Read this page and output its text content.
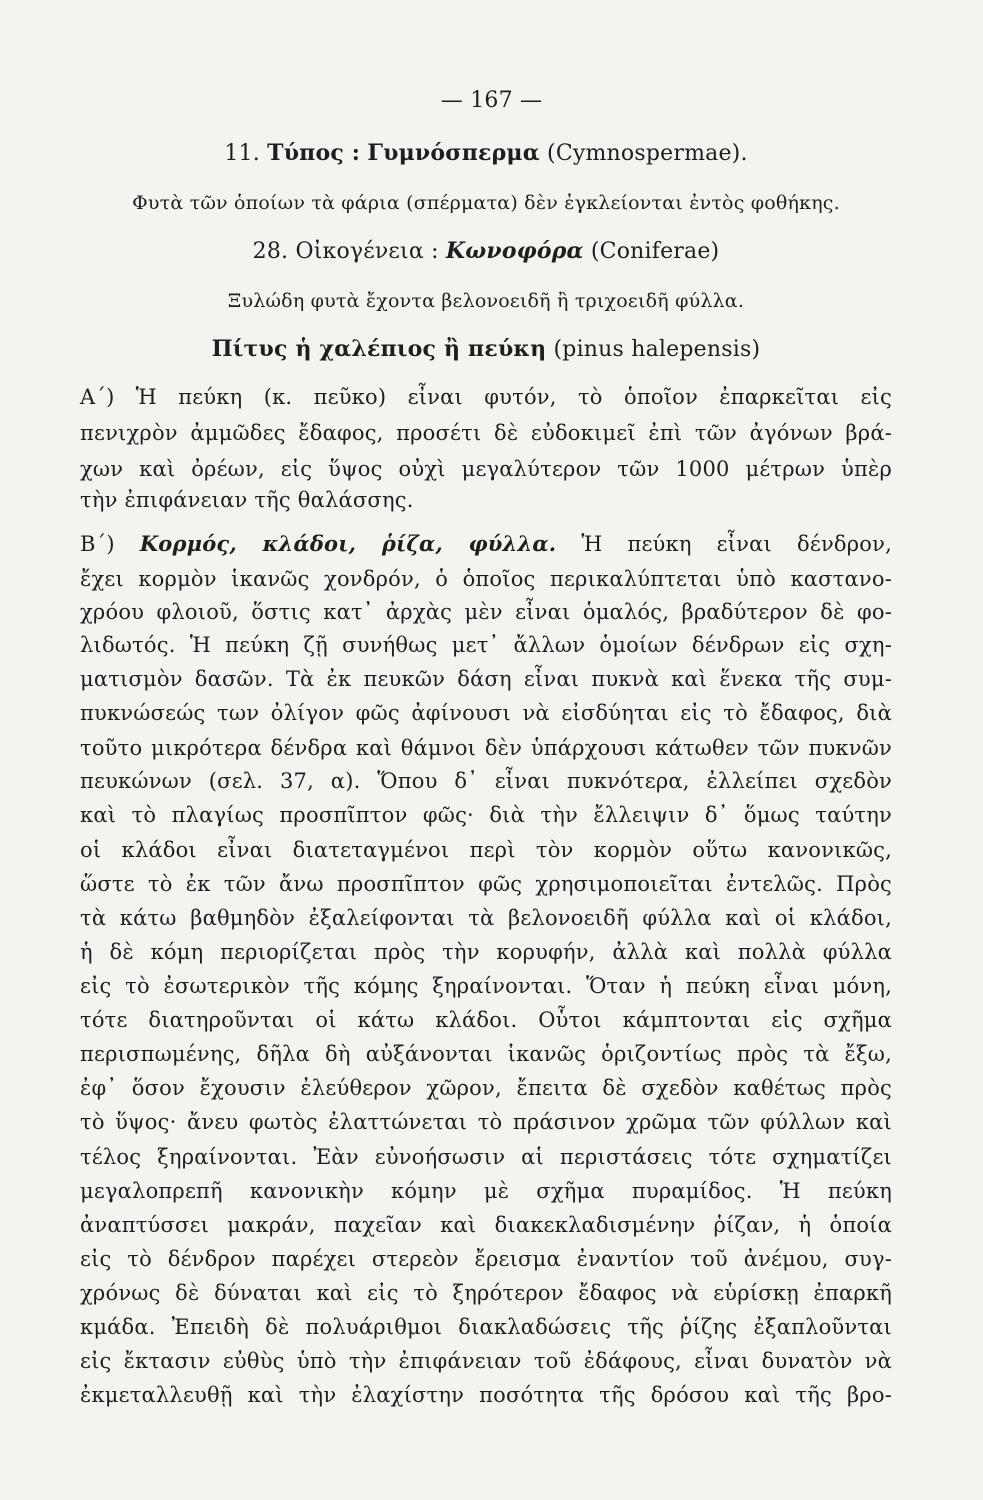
— 167 —
11. Τύπος : Γυμνόσπερμα (Cymnospermae).
Φυτὰ τῶν ὁποίων τὰ φάρια (σπέρματα) δὲν ἐγκλείονται ἐντὸς φοθήκης.
28. Οἰκογένεια : Κωνοφόρα (Coniferae)
Ξυλώδη φυτὰ ἔχοντα βελονοειδῆ ἢ τριχοειδῆ φύλλα.
Πίτυς ἡ χαλέπιος ἢ πεύκη (pinus halepensis)
Α΄) Ἡ πεύκη (κ. πεῦκο) εἶναι φυτόν, τὸ ὁποῖον ἐπαρκεῖται εἰς
πενιχρὸν ἀμμῶδες ἔδαφος, προσέτι δὲ εὐδοκιμεῖ ἐπὶ τῶν ἀγόνων βρά-
χων καὶ ὀρέων, εἰς ὕψος οὐχὶ μεγαλύτερον τῶν 1000 μέτρων ὑπὲρ
τὴν ἐπιφάνειαν τῆς θαλάσσης.
Β΄) Κορμός, κλάδοι, ῥίζα, φύλλα. Ἡ πεύκη εἶναι δένδρον,
ἔχει κορμὸν ἱκανῶς χονδρόν, ὁ ὁποῖος περικαλύπτεται ὑπὸ καστανο-
χρόου φλοιοῦ, ὅστις κατ᾿ ἀρχὰς μὲν εἶναι ὁμαλός, βραδύτερον δὲ φο-
λιδωτός. Ἡ πεύκη ζῇ συνήθως μετ᾿ ἄλλων ὁμοίων δένδρων εἰς σχη-
ματισμὸν δασῶν. Τὰ ἐκ πευκῶν δάση εἶναι πυκνὰ καὶ ἕνεκα τῆς συμ-
πυκνώσεώς των ὀλίγον φῶς ἀφίνουσι νὰ εἰσδύηται εἰς τὸ ἔδαφος, διὰ
τοῦτο μικρότερα δένδρα καὶ θάμνοι δὲν ὑπάρχουσι κάτωθεν τῶν πυκνῶν
πευκώνων (σελ. 37, α). Ὅπου δ᾿ εἶναι πυκνότερα, ἐλλείπει σχεδὸν
καὶ τὸ πλαγίως προσπῖπτον φῶς· διὰ τὴν ἔλλειψιν δ᾿ ὅμως ταύτην
οἱ κλάδοι εἶναι διατεταγμένοι περὶ τὸν κορμὸν οὕτω κανονικῶς,
ὥστε τὸ ἐκ τῶν ἄνω προσπῖπτον φῶς χρησιμοποιεῖται ἐντελῶς. Πρὸς
τὰ κάτω βαθμηδὸν ἐξαλείφονται τὰ βελονοειδῆ φύλλα καὶ οἱ κλάδοι,
ἡ δὲ κόμη περιορίζεται πρὸς τὴν κορυφήν, ἀλλὰ καὶ πολλὰ φύλλα
εἰς τὸ ἐσωτερικὸν τῆς κόμης ξηραίνονται. Ὅταν ἡ πεύκη εἶναι μόνη,
τότε διατηροῦνται οἱ κάτω κλάδοι. Οὗτοι κάμπτονται εἰς σχῆμα
περισπωμένης, δῆλα δὴ αὐξάνονται ἱκανῶς ὁριζοντίως πρὸς τὰ ἔξω,
ἐφ᾿ ὅσον ἔχουσιν ἐλεύθερον χῶρον, ἔπειτα δὲ σχεδὸν καθέτως πρὸς
τὸ ὕψος· ἄνευ φωτὸς ἐλαττώνεται τὸ πράσινον χρῶμα τῶν φύλλων καὶ
τέλος ξηραίνονται. Ἐὰν εὐνοήσωσιν αἱ περιστάσεις τότε σχηματίζει
μεγαλοπρεπῆ κανονικὴν κόμην μὲ σχῆμα πυραμίδος. Ἡ πεύκη
ἀναπτύσσει μακράν, παχεῖαν καὶ διακεκλαδισμένην ῥίζαν, ἡ ὁποία
εἰς τὸ δένδρον παρέχει στερεὸν ἔρεισμα ἐναντίον τοῦ ἀνέμου, συγ-
χρόνως δὲ δύναται καὶ εἰς τὸ ξηρότερον ἔδαφος νὰ εὑρίσκῃ ἐπαρκῆ
κμάδα. Ἐπειδὴ δὲ πολυάριθμοι διακλαδώσεις τῆς ῥίζης ἐξαπλοῦνται
εἰς ἔκτασιν εὐθὺς ὑπὸ τὴν ἐπιφάνειαν τοῦ ἐδάφους, εἶναι δυνατὸν νὰ
ἐκμεταλλευθῇ καὶ τὴν ἐλαχίστην ποσότητα τῆς δρόσου καὶ τῆς βρο-
